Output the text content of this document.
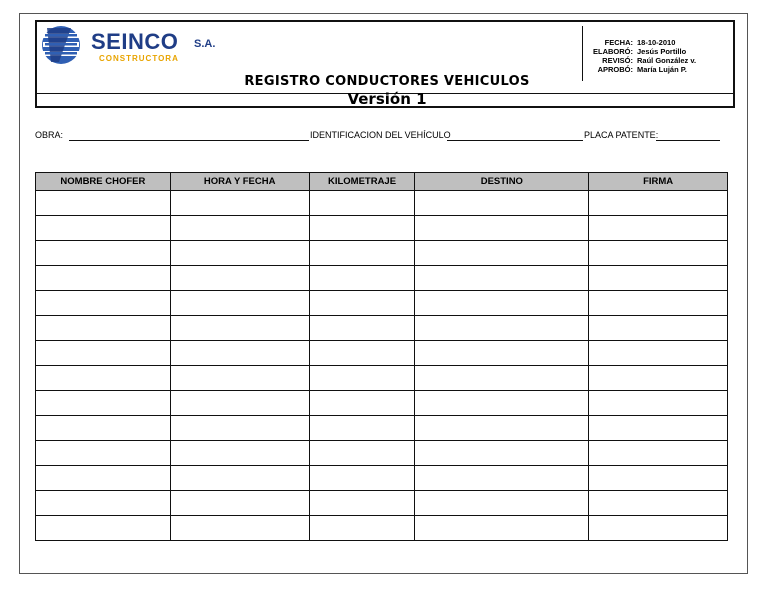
SEINCO S.A.
CONSTRUCTORA
FECHA: 18-10-2010
ELABORÓ: Jesús Portillo
REVISÓ: Raúl González v.
APROBÓ: María Luján P.
REGISTRO CONDUCTORES VEHICULOS
Versión 1
OBRA:	IDENTIFICACION DEL VEHÍCULO	PLACA PATENTE:
NOMBRE CHOFER	HORA Y FECHA	KILOMETRAJE	DESTINO	FIRMA
